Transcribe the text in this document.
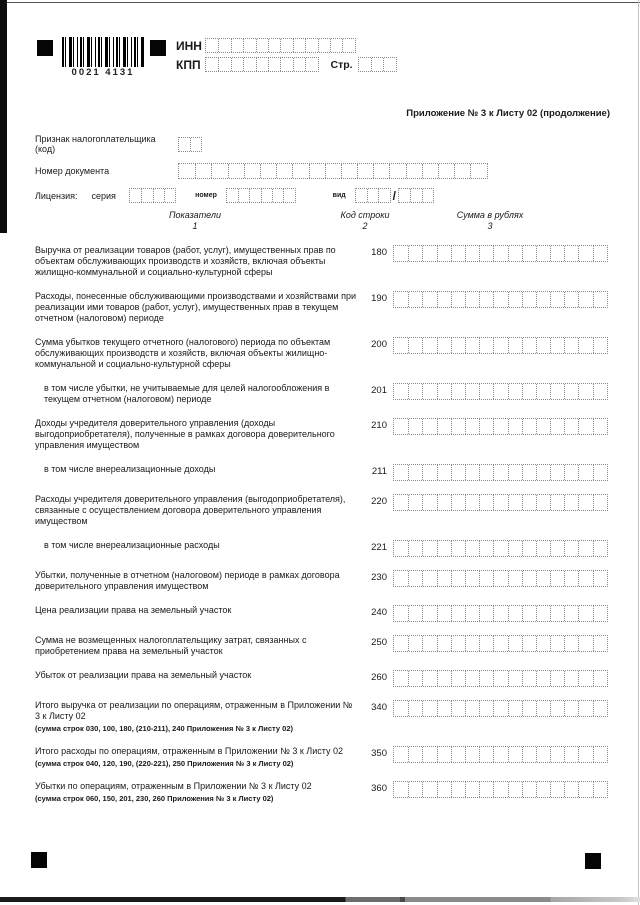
0021 4131
ИНН
КПП	Стр.
Приложение № 3 к Листу 02 (продолжение)
Признак налогоплательщика (код)
Номер документа
Лицензия: серия	номер	вид	/
Показатели
1
Код строки
2
Сумма в рублях
3
Выручка от реализации товаров (работ, услуг), имущественных прав по объектам обслуживающих производств и хозяйств, включая объекты жилищно-коммунальной и социально-культурной сферы
180
Расходы, понесенные обслуживающими производствами и хозяйствами при реализации ими товаров (работ, услуг), имущественных прав в текущем отчетном (налоговом) периоде
190
Сумма убытков текущего отчетного (налогового) периода по объектам обслуживающих производств и хозяйств, включая объекты жилищно-коммунальной и социально-культурной сферы
200
в том числе убытки, не учитываемые для целей налогообложения в текущем отчетном (налоговом) периоде
201
Доходы учредителя доверительного управления (доходы выгодоприобретателя), полученные в рамках договора доверительного управления имуществом
210
в том числе внереализационные доходы	211
Расходы учредителя доверительного управления (выгодоприобретателя), связанные с осуществлением договора доверительного управления имуществом
220
в том числе внереализационные расходы	221
Убытки, полученные в отчетном (налоговом) периоде в рамках договора доверительного управления имуществом
230
Цена реализации права на земельный участок	240
Сумма не возмещенных налогоплательщику затрат, связанных с приобретением права на земельный участок
250
Убыток от реализации права на земельный участок	260
Итого выручка от реализации по операциям, отраженным в Приложении № 3 к Листу 02
(сумма строк 030, 100, 180, (210-211), 240 Приложения № 3 к Листу 02)
340
Итого расходы по операциям, отраженным в Приложении № 3 к Листу 02
(сумма строк 040, 120, 190, (220-221), 250 Приложения № 3 к Листу 02)
350
Убытки по операциям, отраженным в Приложении № 3 к Листу 02
(сумма строк 060, 150, 201, 230, 260 Приложения № 3 к Листу 02)
360
